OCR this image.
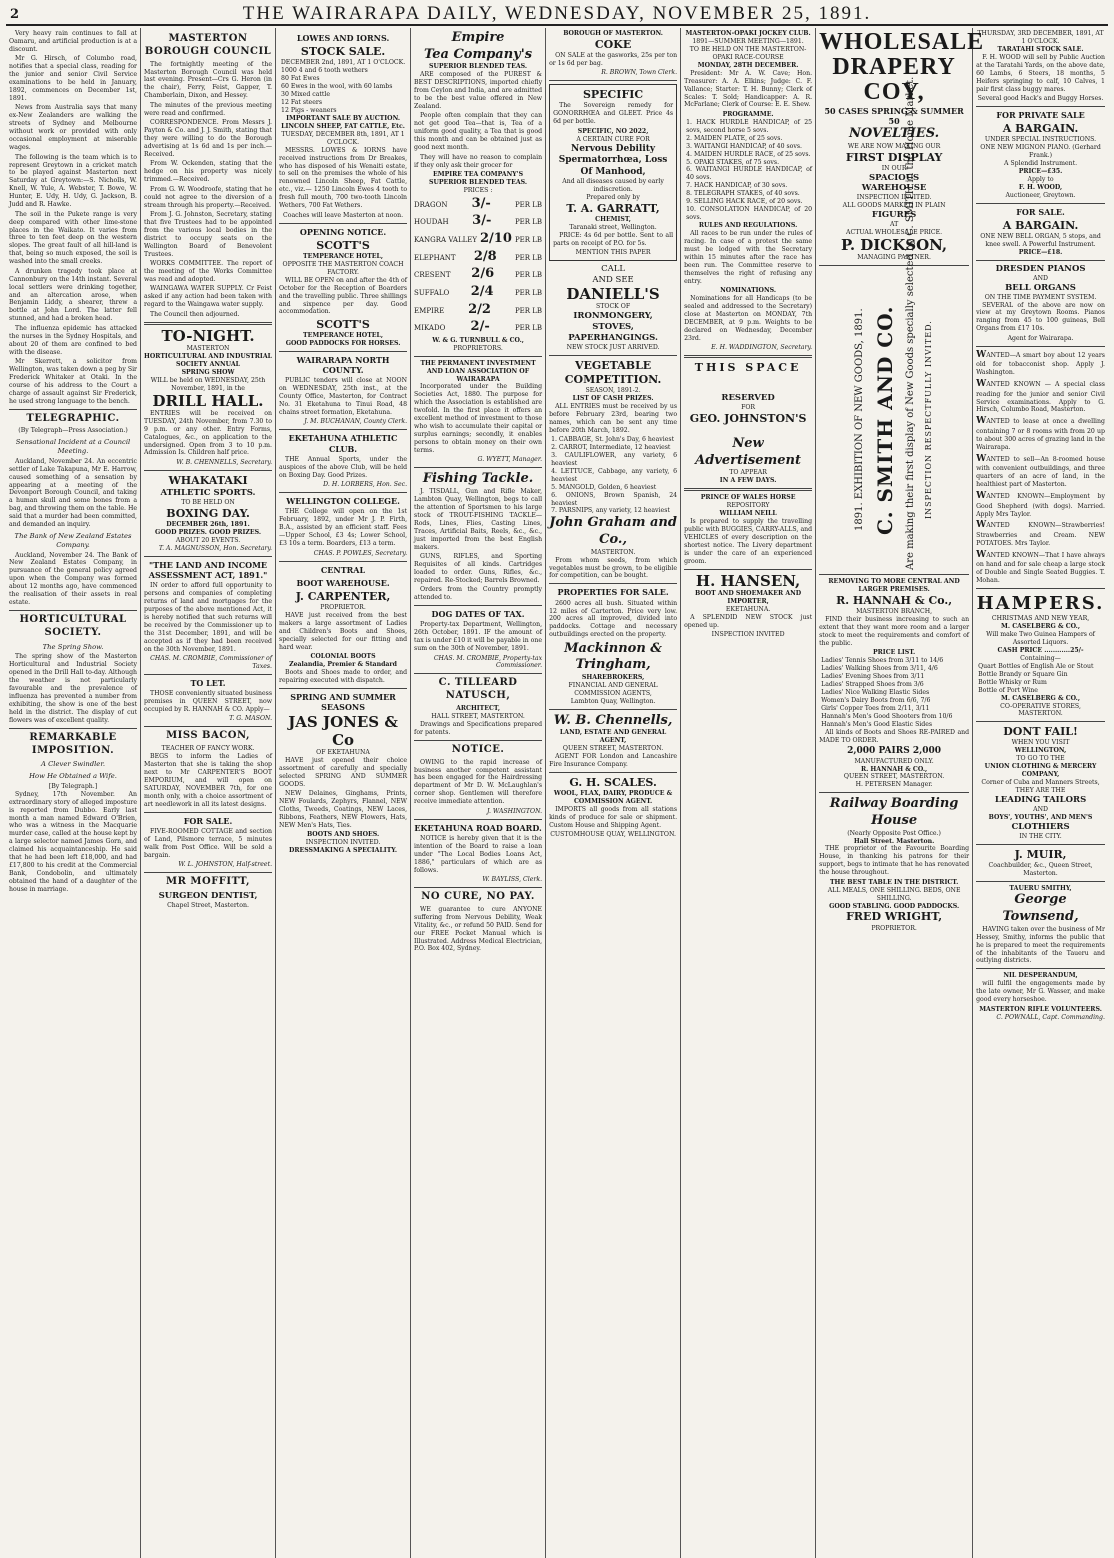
2	THE WAIRARAPA DAILY, WEDNESDAY, NOVEMBER 25, 1891.

Very heavy rain continues to fall at Oamaru, and artificial production is at a discount.

Mr G. Hirsch, of Columbo road, notifies that a special class, reading for the junior and senior Civil Service examinations to be held in January, 1892, commences on December 1st, 1891.

News from Australia says that many ex-New Zealanders are walking the streets of Sydney and Melbourne without work or provided with only occasional employment at miserable wages.

The following is the team which is to represent Greytown in a cricket match to be played against Masterton next Saturday at Greytown:—S. Nicholls, W. Knell, W. Yule, A. Webster, T. Bowe, W. Hunter, E. Udy, H. Udy, G. Jackson, B. Judd and R. Hawke.

The soil in the Pukete range is very deep compared with other lime-stone places in the Waikato. It varies from three to ten feet deep on the western slopes. The great fault of all hill-land is that, being so much exposed, the soil is washed into the small creeks.

A drunken tragedy took place at Cannonbury on the 14th instant. Several local settlers were drinking together, and an altercation arose, when Benjamin Liddy, a shearer, threw a bottle at John Lord. The latter fell stunned, and had a broken head.

The influenza epidemic has attacked the nurses in the Sydney Hospitals, and about 20 of them are confined to bed with the disease.

Mr Skerrett, a solicitor from Wellington, was taken down a peg by Sir Frederick Whitaker at Otaki. In the course of his address to the Court a charge of assault against Sir Frederick, he used strong language to the bench.

TELEGRAPHIC.
(By Telegraph—Press Association.)
Sensational Incident at a Council Meeting.

Auckland, November 24. An eccentric settler of Lake Takapuna, Mr E. Harrow, caused something of a sensation by appearing at a meeting of the Devonport Borough Council, and taking a human skull and some bones from a bag, and throwing them on the table. He said that a murder had been committed, and demanded an inquiry.

The Bank of New Zealand Estates Company.

Auckland, November 24. The Bank of New Zealand Estates Company, in pursuance of the general policy agreed upon when the Company was formed about 12 months ago, have commenced the realisation of their assets in real estate.

HORTICULTURAL SOCIETY.
The Spring Show.

The spring show of the Masterton Horticultural and Industrial Society opened in the Drill Hall to-day. Although the weather is not particularly favourable and the prevalence of influenza has prevented a number from exhibiting, the show is one of the best held in the district. The display of cut flowers was of excellent quality.

REMARKABLE IMPOSITION.
A Clever Swindler.
How He Obtained a Wife.
[By Telegraph.]

Sydney, 17th November. An extraordinary story of alleged imposture is reported from Dubbo. Early last month a man named Edward O'Brien, who was a witness in the Macquarie murder case, called at the house kept by a large selector named James Gorn, and claimed his acquaintanceship. He said that he had been left £18,000, and had £17,800 to his credit at the Commercial Bank, Condobolin, and ultimately obtained the hand of a daughter of the house in marriage.

MASTERTON BOROUGH COUNCIL

The fortnightly meeting of the Masterton Borough Council was held last evening. Present—Crs G. Heron (in the chair), Ferry, Feist, Gapper, T. Chamberlain, Dixon, and Hessey.

The minutes of the previous meeting were read and confirmed.

CORRESPONDENCE. From Messrs J. Payton & Co. and J. J. Smith, stating that they were willing to do the Borough advertising at 1s 6d and 1s per inch.—Received.

From W. Ockenden, stating that the hedge on his property was nicely trimmed.—Received.

From G. W. Woodroofe, stating that he could not agree to the diversion of a stream through his property.—Received.

From J. G. Johnston, Secretary, stating that five Trustees had to be appointed from the various local bodies in the district to occupy seats on the Wellington Board of Benevolent Trustees.

WORKS COMMITTEE. The report of the meeting of the Works Committee was read and adopted.

WAINGAWA WATER SUPPLY. Cr Feist asked if any action had been taken with regard to the Waingawa water supply.

The Council then adjourned.

TO-NIGHT.
MASTERTON
HORTICULTURAL AND INDUSTRIAL SOCIETY ANNUAL
SPRING SHOW
WILL be held on WEDNESDAY, 25th November, 1891, in the
DRILL HALL.

ENTRIES will be received on TUESDAY, 24th November, from 7.30 to 9 p.m. or any other. Entry Forms, Catalogues, &c., on application to the undersigned. Open from 3 to 10 p.m. Admission Is. Children half price.

W. B. CHENNELLS, Secretary.
WHAKATAKI
ATHLETIC SPORTS.
TO BE HELD ON
BOXING DAY.
DECEMBER 26th, 1891.
GOOD PRIZES. GOOD PRIZES.
ABOUT 20 EVENTS.
T. A. MAGNUSSON, Hon. Secretary.
"THE LAND AND INCOME ASSESSMENT ACT, 1891."

IN order to afford full opportunity to persons and companies of completing returns of land and mortgages for the purposes of the above mentioned Act, it is hereby notified that such returns will be received by the Commissioner up to the 31st December, 1891, and will be accepted as if they had been received on the 30th November, 1891.

CHAS. M. CROMBIE, Commissioner of Taxes.
TO LET.

THOSE conveniently situated business premises in QUEEN STREET, now occupied by R. HANNAH & CO. Apply—

T. G. MASON.
MISS BACON,
TEACHER OF FANCY WORK.

BEGS to inform the Ladies of Masterton that she is taking the shop next to Mr CARPENTER'S BOOT EMPORIUM, and will open on SATURDAY, NOVEMBER 7th, for one month only, with a choice assortment of art needlework in all its latest designs.

FOR SALE.

FIVE-ROOMED COTTAGE and section of Land, Pilsmore terrace, 5 minutes walk from Post Office. Will be sold a bargain.

W. L. JOHNSTON, Half-street.
MR MOFFITT,
SURGEON DENTIST,
Chapel Street, Masterton.
LOWES AND IORNS.
STOCK SALE.
DECEMBER 2nd, 1891, AT 1 O'CLOCK.
1000 4 and 6 tooth wethers
80 Fat Ewes
60 Ewes in the wool, with 60 lambs
30 Mixed cattle
12 Fat steers
12 Pigs - weaners
IMPORTANT SALE BY AUCTION.
LINCOLN SHEEP, FAT CATTLE, Etc.
TUESDAY, DECEMBER 8th, 1891, AT 1 O'CLOCK.

MESSRS. LOWES & IORNS have received instructions from Dr Breakes, who has disposed of his Wenaiti estate, to sell on the premises the whole of his renowned Lincoln Sheep, Fat Cattle, etc., viz.— 1250 Lincoln Ewes 4 tooth to fresh full mouth, 700 two-tooth Lincoln Wethers, 700 Fat Wethers.

Coaches will leave Masterton at noon.
OPENING NOTICE.
SCOTT'S
TEMPERANCE HOTEL,
OPPOSITE THE MASTERTON COACH FACTORY.

WILL BE OPEN on and after the 4th of October for the Reception of Boarders and the travelling public. Three shillings and sixpence per day. Good accommodation.

SCOTT'S
TEMPERANCE HOTEL,
GOOD PADDOCKS FOR HORSES.
WAIRARAPA NORTH COUNTY.

PUBLIC tenders will close at NOON on WEDNESDAY, 25th inst., at the County Office, Masterton, for Contract No. 31 Eketahuna to Tinui Road, 48 chains street formation, Eketahuna.

J. M. BUCHANAN, County Clerk.
EKETAHUNA ATHLETIC CLUB.

THE Annual Sports, under the auspices of the above Club, will be held on Boxing Day. Good Prizes.

D. H. LORBERS, Hon. Sec.
WELLINGTON COLLEGE.

THE College will open on the 1st February, 1892, under Mr J. P. Firth, B.A., assisted by an efficient staff. Fees—Upper School, £3 4s; Lower School, £3 10s a term. Boarders, £13 a term.

CHAS. P. POWLES, Secretary.
CENTRAL
BOOT WAREHOUSE.
J. CARPENTER,
PROPRIETOR.

HAVE just received from the best makers a large assortment of Ladies and Children's Boots and Shoes, specially selected for our fitting and hard wear.

COLONIAL BOOTS
Zealandia, Premier & Standard

Boots and Shoes made to order, and repairing executed with dispatch.

SPRING AND SUMMER SEASONS
JAS JONES & Co
OF EKETAHUNA

HAVE just opened their choice assortment of carefully and specially selected SPRING AND SUMMER GOODS.

NEW Delaines, Ginghams, Prints, NEW Foulards, Zephyrs, Flannel, NEW Cloths, Tweeds, Coatings, NEW Laces, Ribbons, Feathers, NEW Flowers, Hats, NEW Men's Hats, Ties.

BOOTS AND SHOES.
INSPECTION INVITED.
DRESSMAKING A SPECIALITY.
Empire
Tea Company's
SUPERIOR BLENDED TEAS.

ARE composed of the PUREST & BEST DESCRIPTIONS, imported chiefly from Ceylon and India, and are admitted to be the best value offered in New Zealand.

People often complain that they can not get good Tea—that is, Tea of a uniform good quality, a Tea that is good this month and can be obtained just as good next month.

They will have no reason to complain if they only ask their grocer for

EMPIRE TEA COMPANY'S
SUPERIOR BLENDED TEAS.
PRICES :
DRAGON 3/-	PER LB
HOUDAH 3/-	PER LB
KANGRA VALLEY 2/10 PER LB
ELEPHANT 2/8	PER LB
CRESENT 2/6	PER LB
SUFFALO 2/4	PER LB
EMPIRE 2/2	PER LB
MIKADO 2/-	PER LB
W. & G. TURNBULL & CO.,
PROPRIETORS.
THE PERMANENT INVESTMENT AND LOAN ASSOCIATION OF WAIRARAPA

Incorporated under the Building Societies Act, 1880. The purpose for which the Association is established are twofold. In the first place it offers an excellent method of investment to those who wish to accumulate their capital or surplus earnings; secondly, it enables persons to obtain money on their own terms.

G. WYETT, Manager.
Fishing Tackle.

J. TISDALL, Gun and Rifle Maker, Lambton Quay, Wellington, begs to call the attention of Sportsmen to his large stock of TROUT-FISHING TACKLE—Rods, Lines, Flies, Casting Lines, Traces, Artificial Baits, Reels, &c., &c., just imported from the best English makers.

GUNS, RIFLES, and Sporting Requisites of all kinds. Cartridges loaded to order. Guns, Rifles, &c., repaired. Re-Stocked; Barrels Browned.

Orders from the Country promptly attended to.

DOG DATES OF TAX.

Property-tax Department, Wellington, 26th October, 1891. IF the amount of tax is under £10 it will be payable in one sum on the 30th of November, 1891.

CHAS. M. CROMBIE, Property-tax Commissioner.
C. TILLEARD NATUSCH,
ARCHITECT,
HALL STREET, MASTERTON.

Drawings and Specifications prepared for patents.

NOTICE.

OWING to the rapid increase of business another competent assistant has been engaged for the Hairdressing department of Mr D. W. McLaughlan's corner shop. Gentlemen will therefore receive immediate attention.

J. WASHINGTON.
EKETAHUNA ROAD BOARD.

NOTICE is hereby given that it is the intention of the Board to raise a loan under "The Local Bodies Loans Act, 1886," particulars of which are as follows.

W. BAYLISS, Clerk.
NO CURE, NO PAY.

WE guarantee to cure ANYONE suffering from Nervous Debility, Weak Vitality, &c., or refund 50 PAID. Send for our FREE Pocket Manual which is Illustrated. Address Medical Electrician, P.O. Box 402, Sydney.

BOROUGH OF MASTERTON.
COKE

ON SALE at the gasworks, 25s per ton or 1s 6d per bag.

R. BROWN, Town Clerk.
SPECIFIC

The Sovereign remedy for GONORRHŒA and GLEET. Price 4s 6d per bottle.

SPECIFIC, NO 2022,
A CERTAIN CURE FOR
Nervous Debility Spermatorrhœa, Loss Of Manhood,
And all diseases caused by early indiscretion.
Prepared only by
T. A. GARRATT,
CHEMIST,
Taranaki street, Wellington.

PRICE: 4s 6d per bottle. Sent to all parts on receipt of P.O. for 5s.

MENTION THIS PAPER
CALL
AND SEE
DANIELL'S
STOCK OF
IRONMONGERY,
STOVES,
PAPERHANGINGS.
NEW STOCK JUST ARRIVED.
VEGETABLE
COMPETITION.
SEASON, 1891-2.
LIST OF CASH PRIZES.

ALL ENTRIES must be received by us before February 23rd, bearing two names, which can be sent any time before 20th March, 1892.

1. CABBAGE, St. John's Day, 6 heaviest
2. CARROT, Intermediate, 12 heaviest
3. CAULIFLOWER, any variety, 6 heaviest
4. LETTUCE, Cabbage, any variety, 6 heaviest
5. MANGOLD, Golden, 6 heaviest
6. ONIONS, Brown Spanish, 24 heaviest
7. PARSNIPS, any variety, 12 heaviest
John Graham and Co.,
MASTERTON.

From whom seeds, from which vegetables must be grown, to be eligible for competition, can be bought.

PROPERTIES FOR SALE.

2600 acres all bush. Situated within 12 miles of Carterton. Price very low. 200 acres all improved, divided into paddocks. Cottage and necessary outbuildings erected on the property.

Mackinnon & Tringham,
SHAREBROKERS,
FINANCIAL AND GENERAL COMMISSION AGENTS,
Lambton Quay, Wellington.
W. B. Chennells,
LAND, ESTATE AND GENERAL AGENT,
QUEEN STREET, MASTERTON.

AGENT FOR London and Lancashire Fire Insurance Company.

G. H. SCALES.
WOOL, FLAX, DAIRY, PRODUCE & COMMISSION AGENT.

IMPORTS all goods from all stations kinds of produce for sale or shipment. Custom House and Shipping Agent.

CUSTOMHOUSE QUAY, WELLINGTON.
MASTERTON-OPAKI JOCKEY CLUB.
1891—SUMMER MEETING—1891.
TO BE HELD ON THE MASTERTON-OPAKI RACE-COURSE
MONDAY, 28TH DECEMBER.

President: Mr A. W. Cave; Hon. Treasurer: A. A. Elkins; Judge: C. F. Vallance; Starter: T. H. Bunny; Clerk of Scales: T. Sold; Handicapper: A. R. McFarlane; Clerk of Course: E. E. Shew.

PROGRAMME.
1. HACK HURDLE HANDICAP, of 25 sovs, second horse 5 sovs.
2. MAIDEN PLATE, of 25 sovs.
3. WAITANGI HANDICAP, of 40 sovs.
4. MAIDEN HURDLE RACE, of 25 sovs.
5. OPAKI STAKES, of 75 sovs.
6. WAITANGI HURDLE HANDICAP, of 40 sovs.
7. HACK HANDICAP, of 30 sovs.
8. TELEGRAPH STAKES, of 40 sovs.
9. SELLING HACK RACE, of 20 sovs.
10. CONSOLATION HANDICAP, of 20 sovs.
RULES AND REGULATIONS.

All races to be run under the rules of racing. In case of a protest the same must be lodged with the Secretary within 15 minutes after the race has been run. The Committee reserve to themselves the right of refusing any entry.

NOMINATIONS.

Nominations for all Handicaps (to be sealed and addressed to the Secretary) close at Masterton on MONDAY, 7th DECEMBER, at 9 p.m. Weights to be declared on Wednesday, December 23rd.

E. H. WADDINGTON, Secretary.
THIS SPACE
RESERVED
FOR
GEO. JOHNSTON'S
New Advertisement
TO APPEAR
IN A FEW DAYS.
PRINCE OF WALES HORSE
REPOSITORY
WILLIAM NEILL

Is prepared to supply the travelling public with BUGGIES, CARRY-ALLS, and VEHICLES of every description on the shortest notice. The Livery department is under the care of an experienced groom.

H. HANSEN,
BOOT AND SHOEMAKER AND IMPORTER,
EKETAHUNA.

A SPLENDID NEW STOCK just opened up.

INSPECTION INVITED
WHOLESALE
DRAPERY
COY,
50 CASES SPRING & SUMMER 50
NOVELTIES.
WE ARE NOW MAKING OUR
FIRST DISPLAY
IN OUR
SPACIOUS
WAREHOUSE
INSPECTION INVITED.
ALL GOODS MARKED IN PLAIN
FIGURES
AT
ACTUAL WHOLESALE PRICE.
P. DICKSON,
MANAGING PARTNER.
1891. EXHIBITION OF NEW GOODS, 1891. C. SMITH AND CO. Are making their first display of New Goods specially selected by C. SMITH in the Home Market. INSPECTION RESPECTFULLY INVITED.
REMOVING TO MORE CENTRAL AND LARGER PREMISES.
R. HANNAH & Co.,
MASTERTON BRANCH,

FIND their business increasing to such an extent that they want more room and a larger stock to meet the requirements and comfort of the public.

PRICE LIST.
Ladies' Tennis Shoes from 3/11 to 14/6
Ladies' Walking Shoes from 3/11, 4/6
Ladies' Evening Shoes from 3/11
Ladies' Strapped Shoes from 3/6
Ladies' Nice Walking Elastic Sides
Women's Dairy Boots from 6/6, 7/6
Girls' Copper Toes from 2/11, 3/11
Hannah's Men's Good Shooters from 10/6
Hannah's Men's Good Elastic Sides

All kinds of Boots and Shoes RE-PAIRED and MADE TO ORDER.

2,000 PAIRS 2,000
MANUFACTURED ONLY.
R. HANNAH & CO.,
QUEEN STREET, MASTERTON.
H. PETERSEN Manager.
Railway Boarding House
(Nearly Opposite Post Office.)
Hall Street. Masterton.

THE proprietor of the Favourite Boarding House, in thanking his patrons for their support, begs to intimate that he has renovated the house throughout.

THE BEST TABLE IN THE DISTRICT.
ALL MEALS, ONE SHILLING. BEDS, ONE SHILLING.
GOOD STABLING. GOOD PADDOCKS.
FRED WRIGHT,
PROPRIETOR.
THURSDAY, 3RD DECEMBER, 1891, AT 1 O'CLOCK.
TARATAHI STOCK SALE.

F. H. WOOD will sell by Public Auction at the Taratahi Yards, on the above date, 60 Lambs, 6 Steers, 18 months, 5 Heifers springing to calf, 10 Calves, 1 pair first class buggy mares.

Several good Hack's and Buggy Horses.
FOR PRIVATE SALE
A BARGAIN.
UNDER SPECIAL INSTRUCTIONS.
ONE NEW MIGNON PIANO. (Gerhard Frank.)
A Splendid Instrument.
PRICE—£35.
Apply to
F. H. WOOD,
Auctioneer, Greytown.
FOR SALE.
A BARGAIN.
ONE NEW BELL ORGAN, 5 stops, and knee swell. A Powerful Instrument.
PRICE—£18.
DRESDEN PIANOS
AND
BELL ORGANS
ON THE TIME PAYMENT SYSTEM.

SEVERAL of the above are now on view at my Greytown Rooms. Pianos ranging from 45 to 100 guineas, Bell Organs from £17 10s.

Agent for Wairarapa.
WANTED—A smart boy about 12 years old for tobacconist shop. Apply J. Washington.
WANTED KNOWN — A special class reading for the junior and senior Civil Service examinations. Apply to G. Hirsch, Columbo Road, Masterton.
WANTED to lease at once a dwelling containing 7 or 8 rooms with from 20 up to about 300 acres of grazing land in the Wairarapa.
WANTED to sell—An 8-roomed house with convenient outbuildings, and three quarters of an acre of land, in the healthiest part of Masterton.
WANTED KNOWN—Employment by Good Shepherd (with dogs). Married. Apply Mrs Taylor.
WANTED KNOWN—Strawberries! Strawberries and Cream. NEW POTATOES. Mrs Taylor.
WANTED KNOWN—That I have always on hand and for sale cheap a large stock of Double and Single Seated Buggies. T. Mohan.
HAMPERS.
CHRISTMAS AND NEW YEAR,
M. CASELBERG & CO.,
Will make Two Guinea Hampers of Assorted Liquors.
CASH PRICE ............25/-
Containing—
Quart Bottles of English Ale or Stout
Bottle Brandy or Square Gin
Bottle Whisky or Rum
Bottle of Port Wine
M. CASELBERG & CO.,
CO-OPERATIVE STORES,
MASTERTON.
DONT FAIL!
WHEN YOU VISIT
WELLINGTON,
TO GO TO THE
UNION CLOTHING & MERCERY
COMPANY,
Corner of Cuba and Manners Streets,
THEY ARE THE
LEADING TAILORS
AND
BOYS', YOUTHS', AND MEN'S
CLOTHIERS
IN THE CITY.
J. MUIR,
Coachbuilder, &c., Queen Street, Masterton.
TAUERU SMITHY,
George Townsend,

HAVING taken over the business of Mr Hessey, Smithy, informs the public that he is prepared to meet the requirements of the inhabitants of the Taueru and outlying districts.

NIL DESPERANDUM,

will fulfil the engagements made by the late owner, Mr G. Wasser, and make good every horseshoe.

MASTERTON RIFLE VOLUNTEERS.
C. POWNALL, Capt. Commanding.
